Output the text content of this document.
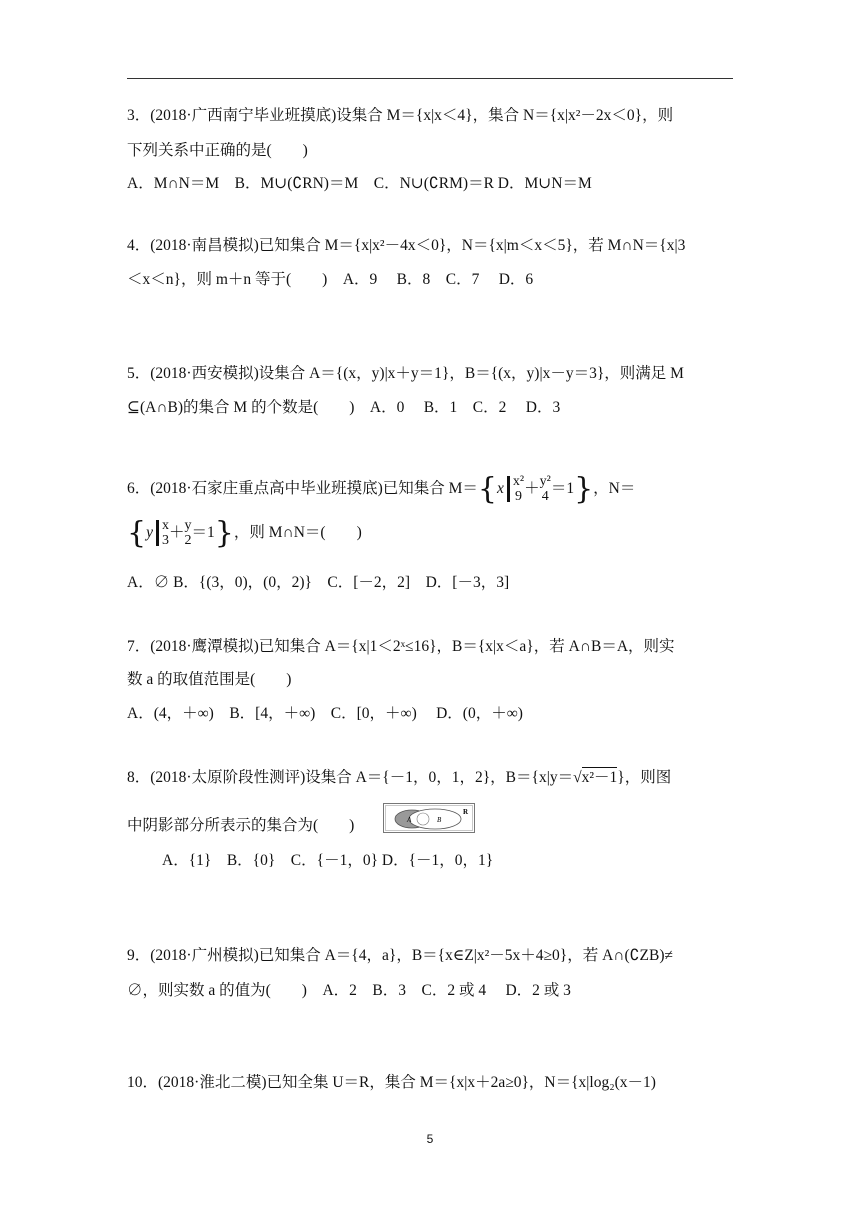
3．(2018·广西南宁毕业班摸底)设集合 M＝{x|x＜4}，集合 N＝{x|x²－2x＜0}，则
下列关系中正确的是(　　)
A．M∩N＝M　B．M∪(∁RN)＝M　C．N∪(∁RM)＝R D．M∪N＝M
4．(2018·南昌模拟)已知集合 M＝{x|x²－4x＜0}，N＝{x|m＜x＜5}，若 M∩N＝{x|3
＜x＜n}，则 m＋n 等于(　　)　A．9　 B．8　C．7　 D．6
5．(2018·西安模拟)设集合 A＝{(x，y)|x＋y＝1}，B＝{(x，y)|x－y＝3}，则满足 M
⊆(A∩B)的集合 M 的个数是(　　)　A．0　 B．1　C．2　 D．3
6．(2018·石家庄重点高中毕业班摸底)已知集合 M＝{x x²
9 ＋ y²
4 ＝1}，N＝
{y x
3 ＋ y
2 ＝1}，则 M∩N＝(　　)
A．∅ B．{(3，0)，(0，2)}　C．[－2，2]　D．[－3，3]
7．(2018·鹰潭模拟)已知集合 A＝{x|1＜2ˣ≤16}，B＝{x|x＜a}，若 A∩B＝A，则实
数 a 的取值范围是(　　)
A．(4，＋∞)　B．[4，＋∞)　C．[0，＋∞)　 D．(0，＋∞)
8．(2018·太原阶段性测评)设集合 A＝{－1，0，1，2}，B＝{x|y＝√x²－1}，则图
中阴影部分所表示的集合为(　　)	A	B
R
A．{1}　B．{0}　C．{－1，0} D．{－1，0，1}
9．(2018·广州模拟)已知集合 A＝{4，a}，B＝{x∈Z|x²－5x＋4≥0}，若 A∩(∁ZB)≠
∅，则实数 a 的值为(　　)　A．2　B．3　C．2 或 4　 D．2 或 3
10．(2018·淮北二模)已知全集 U＝R，集合 M＝{x|x＋2a≥0}，N＝{x|log₂(x－1)
5
